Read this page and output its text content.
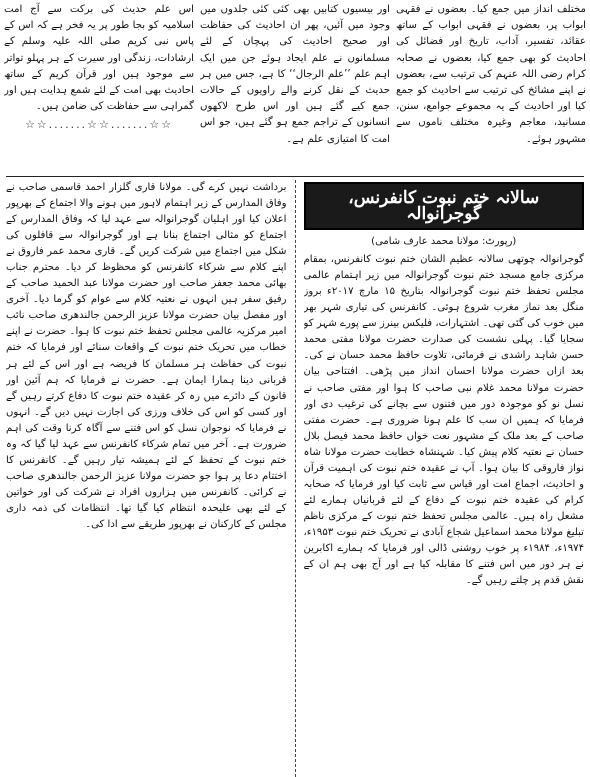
مختلف انداز میں جمع کیا۔ بعضوں نے فقہی ابواب پر، بعضوں نے فقہی ابواب کے ساتھ عقائد، تفسیر، آداب، تاریخ اور فضائل کی احادیث کو بھی جمع کیا، بعضوں نے صحابہ کرام رضی اللہ عنہم کی ترتیب سے، بعضوں نے اپنے مشائخ کی ترتیب سے احادیث کو جمع کیا اور احادیث کے یہ مجموعے جوامع، سنن، مسانید، معاجم وغیرہ مختلف ناموں سے مشہور ہوئے۔

اور بیسیوں کتابیں بھی کئی کئی جلدوں میں وجود میں آئیں، پھر ان احادیث کی حفاظت اور صحیح احادیث کی پہچان کے لئے مسلمانوں نے علم ایجاد ہوئے جن میں ایک اہم علم ’’علم الرجال‘‘ کا ہے، جس میں ہر حدیث کے نقل کرنے والے راویوں کے حالات جمع کیے گئے ہیں اور اس طرح لاکھوں انسانوں کے تراجم جمع ہو گئے ہیں، جو اس امت کا امتیازی علم ہے۔

اس علم حدیث کی برکت سے آج امت اسلامیہ کو بجا طور پر یہ فخر ہے کہ اس کے پاس نبی کریم صلی اللہ علیہ وسلم کے ارشادات، زندگی اور سیرت کے ہر پہلو تواتر سے موجود ہیں اور قرآن کریم کے ساتھ احادیث بھی امت کے لئے شمع ہدایت ہیں اور گمراہی سے حفاظت کی ضامن ہیں۔

☆☆.......☆☆.......☆☆
سالانہ ختم نبوت کانفرنس، گوجرانوالہ
(رپورٹ: مولانا محمد عارف شامی)

گوجرانوالہ چوتھی سالانہ عظیم الشان ختم نبوت کانفرنس، بمقام مرکزی جامع مسجد ختم نبوت گوجرانوالہ میں زیر اہتمام عالمی مجلس تحفظ ختم نبوت گوجرانوالہ بتاریخ ۱۵ مارچ ۲۰۱۷ء بروز منگل بعد نماز مغرب شروع ہوئی۔ کانفرنس کی تیاری شہر بھر میں خوب کی گئی تھی۔ اشتہارات، فلیکس بینرز سے پورے شہر کو سجایا گیا۔ پہلی نشست کی صدارت حضرت مولانا مفتی محمد حسن شاہد راشدی نے فرمائی، تلاوت حافظ محمد حسان نے کی۔ بعد ازاں حضرت مولانا احسان انداز میں پڑھی۔ افتتاحی بیان حضرت مولانا محمد غلام نبی صاحب کا ہوا اور مفتی صاحب نے نسل نو کو موجودہ دور میں فتنوں سے بچانے کی ترغیب دی اور فرمایا کہ ہمیں ان سب کا علم ہونا ضروری ہے۔ حضرت مفتی صاحب کے بعد ملک کے مشہور نعت خواں حافظ محمد فیصل بلال حسان نے نعتیہ کلام پیش کیا۔ شہنشاہ خطابت حضرت مولانا شاہ نواز فاروقی کا بیان ہوا۔ آپ نے عقیدہ ختم نبوت کی اہمیت قرآن و احادیث، اجماع امت اور قیاس سے ثابت کیا اور فرمایا کہ صحابہ کرام کی عقیدہ ختم نبوت کے دفاع کے لئے قربانیاں ہمارے لئے مشعل راہ ہیں۔ عالمی مجلس تحفظ ختم نبوت کے مرکزی ناظم تبلیغ مولانا محمد اسماعیل شجاع آبادی نے تحریک ختم نبوت ۱۹۵۳ء، ۱۹۷۴ء، ۱۹۸۴ء پر خوب روشنی ڈالی اور فرمایا کہ ہمارے اکابرین نے ہر دور میں اس فتنے کا مقابلہ کیا ہے اور آج بھی ہم ان کے نقش قدم پر چلتے رہیں گے۔

برداشت نہیں کرے گی۔ مولانا قاری گلزار احمد قاسمی صاحب نے وفاق المدارس کے زیر اہتمام لاہور میں ہونے والا اجتماع کے بھرپور اعلان کیا اور اہلیان گوجرانوالہ سے عہد لیا کہ وفاق المدارس کے اجتماع کو مثالی اجتماع بنانا ہے اور گوجرانوالہ سے قافلوں کی شکل میں اجتماع میں شرکت کریں گے۔ قاری محمد عمر فاروق نے اپنے کلام سے شرکاء کانفرنس کو محظوظ کر دیا۔ محترم جناب بھائی محمد جعفر صاحب اور حضرت مولانا عبد الحمید صاحب کے رفیق سفر ہیں انہوں نے نعتیہ کلام سے عوام کو گرما دیا۔ آخری اور مفصل بیان حضرت مولانا عزیز الرحمن جالندھری صاحب نائب امیر مرکزیہ عالمی مجلس تحفظ ختم نبوت کا ہوا۔ حضرت نے اپنے خطاب میں تحریک ختم نبوت کے واقعات سنائے اور فرمایا کہ ختم نبوت کی حفاظت ہر مسلمان کا فریضہ ہے اور اس کے لئے ہر قربانی دینا ہمارا ایمان ہے۔ حضرت نے فرمایا کہ ہم آئین اور قانون کے دائرے میں رہ کر عقیدہ ختم نبوت کا دفاع کرتے رہیں گے اور کسی کو اس کی خلاف ورزی کی اجازت نہیں دیں گے۔ انہوں نے فرمایا کہ نوجوان نسل کو اس فتنے سے آگاہ کرنا وقت کی اہم ضرورت ہے۔ آخر میں تمام شرکاء کانفرنس سے عہد لیا گیا کہ وہ ختم نبوت کے تحفظ کے لئے ہمیشہ تیار رہیں گے۔ کانفرنس کا اختتام دعا پر ہوا جو حضرت مولانا عزیز الرحمن جالندھری صاحب نے کرائی۔ کانفرنس میں ہزاروں افراد نے شرکت کی اور خواتین کے لئے بھی علیحدہ انتظام کیا گیا تھا۔ انتظامات کی ذمہ داری مجلس کے کارکنان نے بھرپور طریقے سے ادا کی۔
